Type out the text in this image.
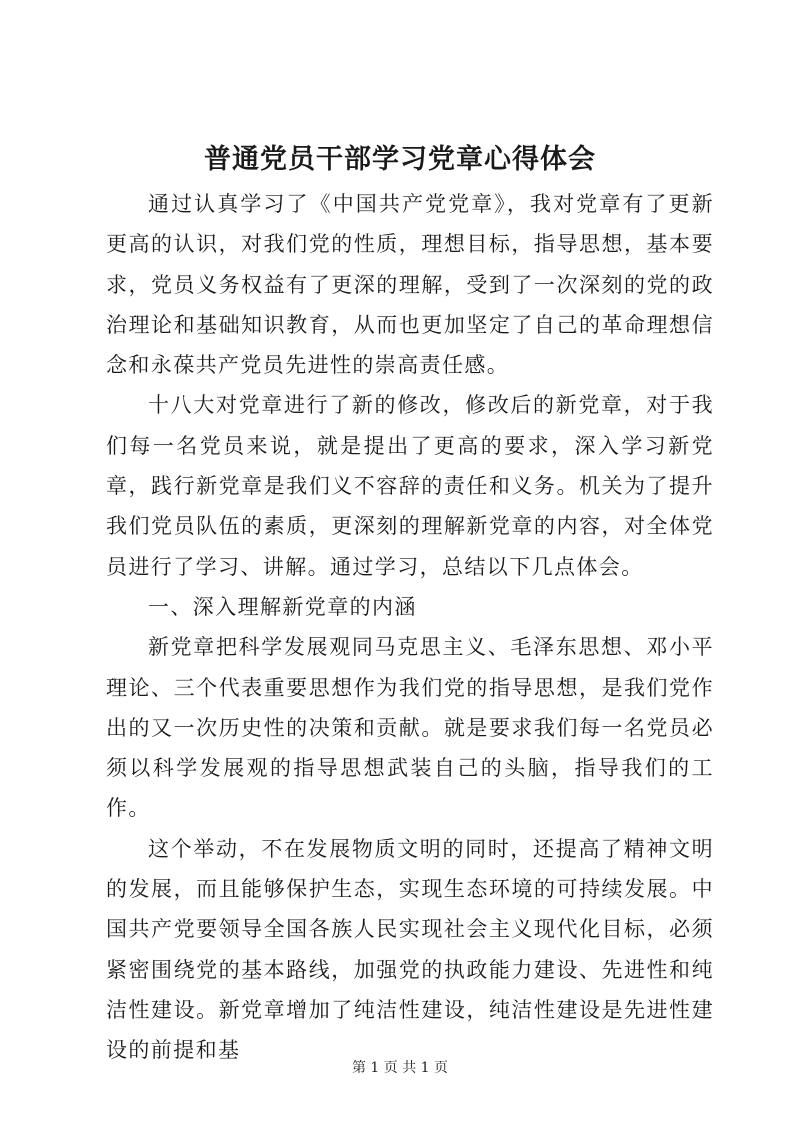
普通党员干部学习党章心得体会

通过认真学习了《中国共产党党章》，我对党章有了更新更高的认识，对我们党的性质，理想目标，指导思想，基本要求，党员义务权益有了更深的理解，受到了一次深刻的党的政治理论和基础知识教育，从而也更加坚定了自己的革命理想信念和永葆共产党员先进性的崇高责任感。

十八大对党章进行了新的修改，修改后的新党章，对于我们每一名党员来说，就是提出了更高的要求，深入学习新党章，践行新党章是我们义不容辞的责任和义务。机关为了提升我们党员队伍的素质，更深刻的理解新党章的内容，对全体党员进行了学习、讲解。通过学习，总结以下几点体会。

一、深入理解新党章的内涵

新党章把科学发展观同马克思主义、毛泽东思想、邓小平理论、三个代表重要思想作为我们党的指导思想，是我们党作出的又一次历史性的决策和贡献。就是要求我们每一名党员必须以科学发展观的指导思想武装自己的头脑，指导我们的工作。

这个举动，不在发展物质文明的同时，还提高了精神文明的发展，而且能够保护生态，实现生态环境的可持续发展。中国共产党要领导全国各族人民实现社会主义现代化目标，必须紧密围绕党的基本路线，加强党的执政能力建设、先进性和纯洁性建设。新党章增加了纯洁性建设，纯洁性建设是先进性建设的前提和基

第 1 页 共 1 页
